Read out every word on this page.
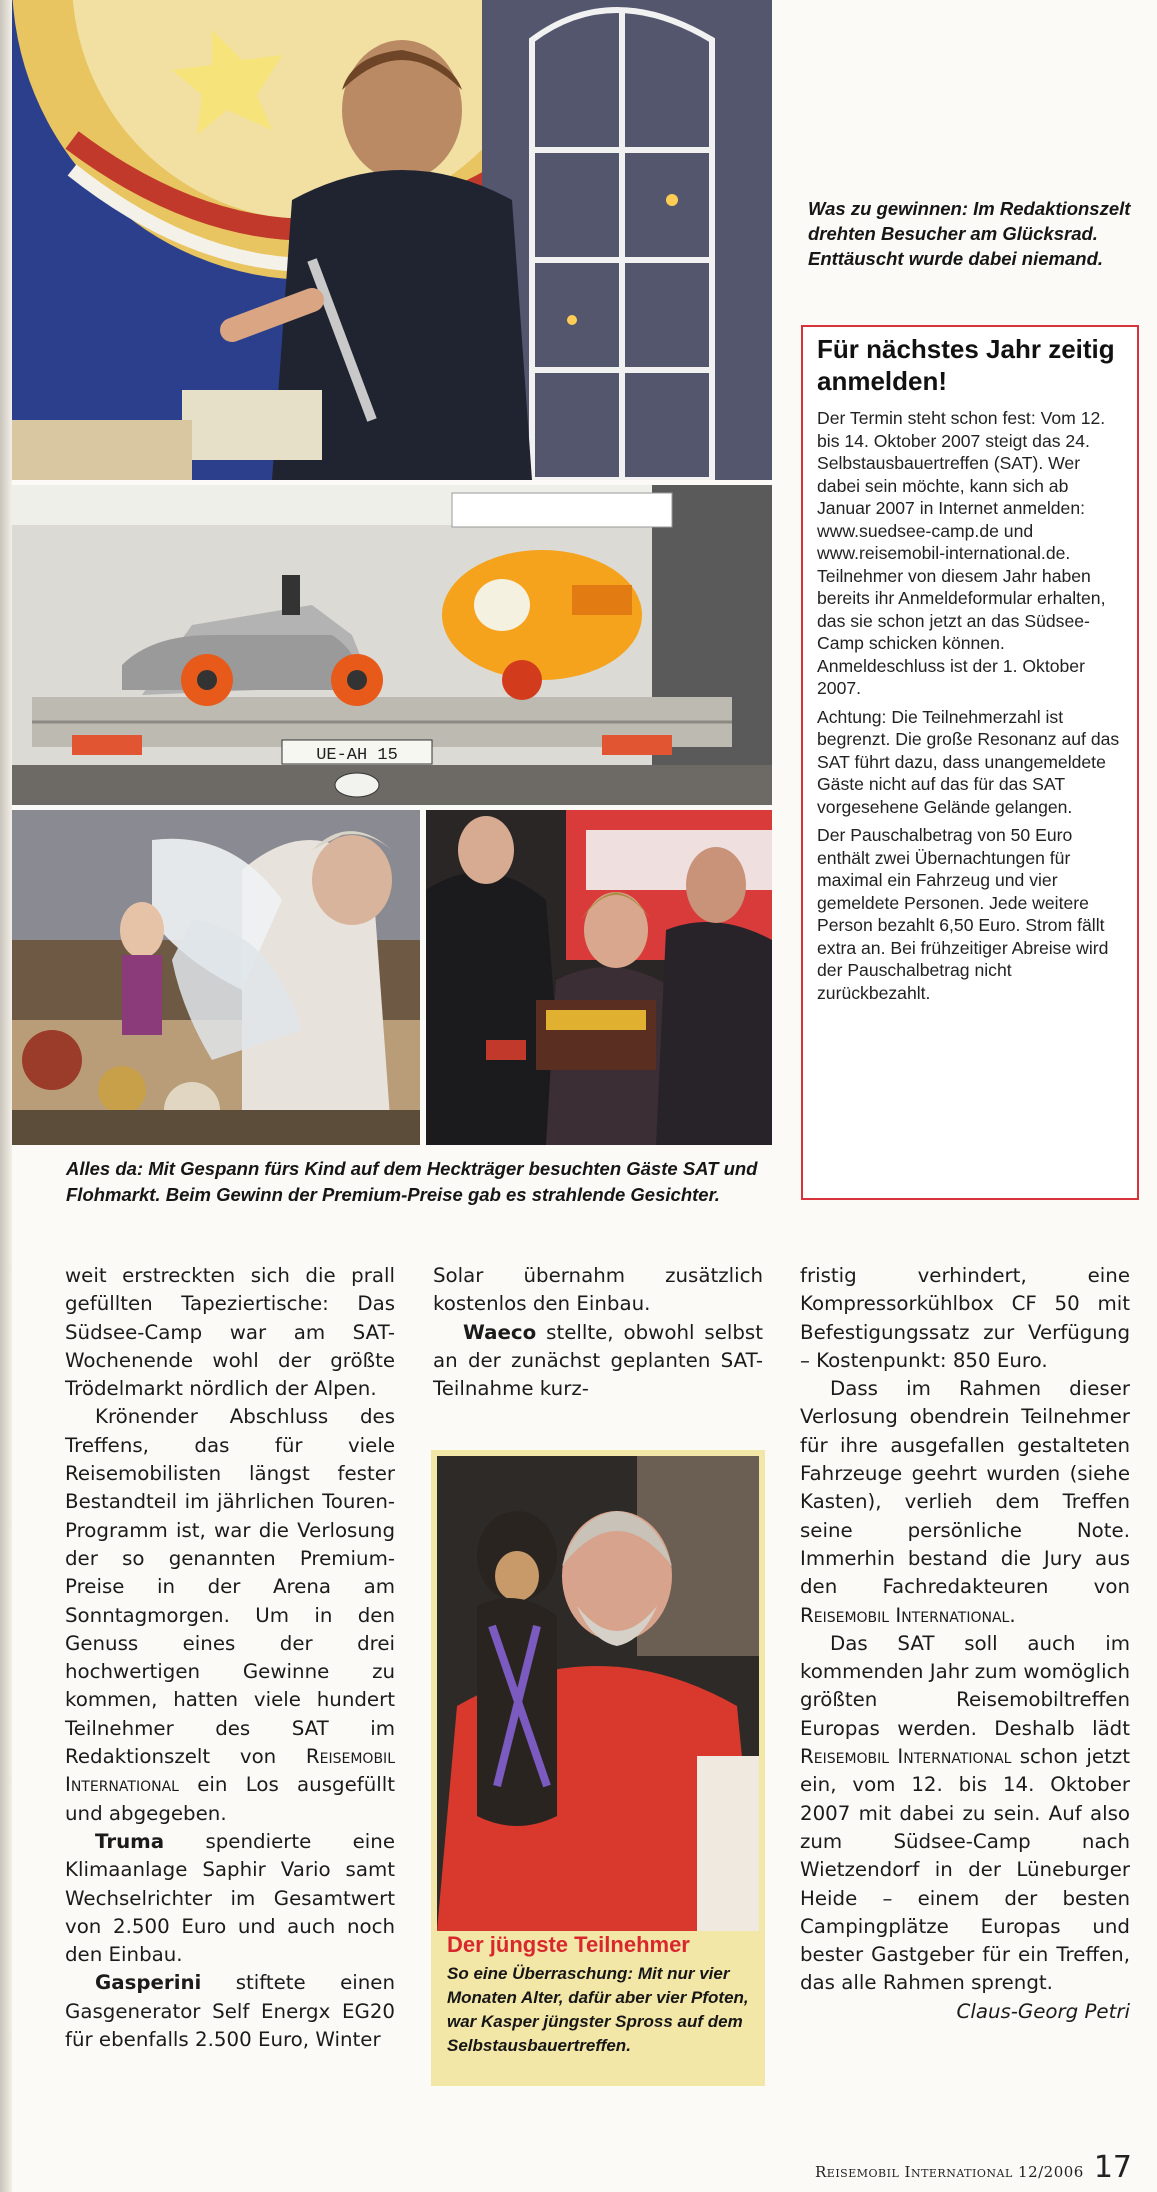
UE-AH 15
Was zu gewinnen: Im Redaktionszelt drehten Besucher am Glücksrad. Enttäuscht wurde dabei niemand.
Für nächstes Jahr zeitig anmelden!

Der Termin steht schon fest: Vom 12. bis 14. Oktober 2007 steigt das 24. Selbstausbauertreffen (SAT). Wer dabei sein möchte, kann sich ab Januar 2007 in Internet anmelden: www.suedsee-camp.de und www.reisemobil-international.de. Teilnehmer von diesem Jahr haben bereits ihr Anmeldeformular erhalten, das sie schon jetzt an das Südsee-Camp schicken können. Anmeldeschluss ist der 1. Oktober 2007.

Achtung: Die Teilnehmerzahl ist begrenzt. Die große Resonanz auf das SAT führt dazu, dass unangemeldete Gäste nicht auf das für das SAT vorgesehene Gelände gelangen.

Der Pauschalbetrag von 50 Euro enthält zwei Übernachtungen für maximal ein Fahrzeug und vier gemeldete Personen. Jede weitere Person bezahlt 6,50 Euro. Strom fällt extra an. Bei frühzeitiger Abreise wird der Pauschalbetrag nicht zurückbezahlt.

Alles da: Mit Gespann fürs Kind auf dem Heckträger besuchten Gäste SAT und Flohmarkt. Beim Gewinn der Premium-Preise gab es strahlende Gesichter.

weit erstreckten sich die prall gefüllten Tapeziertische: Das Südsee-Camp war am SAT-Wochenende wohl der größte Trödelmarkt nördlich der Alpen.

Krönender Abschluss des Treffens, das für viele Reisemobilisten längst fester Bestandteil im jährlichen Touren-Programm ist, war die Verlosung der so genannten Premium-Preise in der Arena am Sonntagmorgen. Um in den Genuss eines der drei hochwertigen Gewinne zu kommen, hatten viele hundert Teilnehmer des SAT im Redaktionszelt von Reisemobil International ein Los ausgefüllt und abgegeben.

Truma spendierte eine Klimaanlage Saphir Vario samt Wechselrichter im Gesamtwert von 2.500 Euro und auch noch den Einbau.

Gasperini stiftete einen Gasgenerator Self Energx EG20 für ebenfalls 2.500 Euro, Winter

Solar übernahm zusätzlich kostenlos den Einbau.

Waeco stellte, obwohl selbst an der zunächst geplanten SAT-Teilnahme kurz-

Der jüngste Teilnehmer
So eine Überraschung: Mit nur vier Monaten Alter, dafür aber vier Pfoten, war Kasper jüngster Spross auf dem Selbstausbauertreffen.

fristig verhindert, eine Kompressorkühlbox CF 50 mit Befestigungssatz zur Verfügung – Kostenpunkt: 850 Euro.

Dass im Rahmen dieser Verlosung obendrein Teilnehmer für ihre ausgefallen gestalteten Fahrzeuge geehrt wurden (siehe Kasten), verlieh dem Treffen seine persönliche Note. Immerhin bestand die Jury aus den Fachredakteuren von Reisemobil International.

Das SAT soll auch im kommenden Jahr zum womöglich größten Reisemobiltreffen Europas werden. Deshalb lädt Reisemobil International schon jetzt ein, vom 12. bis 14. Oktober 2007 mit dabei zu sein. Auf also zum Südsee-Camp nach Wietzendorf in der Lüneburger Heide – einem der besten Campingplätze Europas und bester Gastgeber für ein Treffen, das alle Rahmen sprengt.

Claus-Georg Petri

Reisemobil International 12/2006 17
